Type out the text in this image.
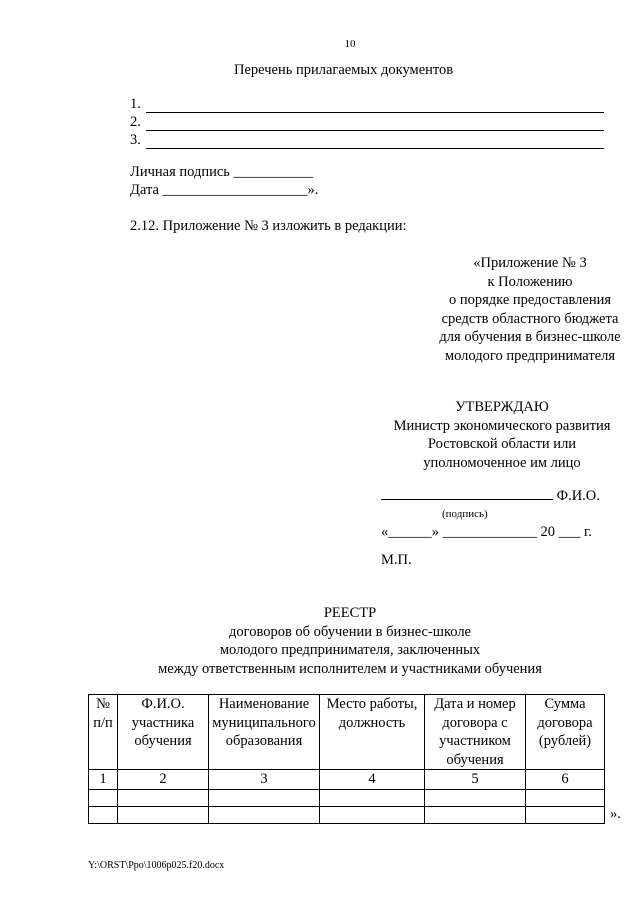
10
Перечень прилагаемых документов
1.
2.
3.
Личная подпись ___________
Дата ____________________».
2.12. Приложение № 3 изложить в редакции:
«Приложение № 3
к Положению
о порядке предоставления
средств областного бюджета
для обучения в бизнес-школе
молодого предпринимателя
УТВЕРЖДАЮ
Министр экономического развития
Ростовской области или
уполномоченное им лицо
Ф.И.О.
(подпись)
«______» _____________ 20 ___ г.
М.П.
РЕЕСТР
договоров об обучении в бизнес-школе
молодого предпринимателя, заключенных
между ответственным исполнителем и участниками обучения
№ п/п	Ф.И.О. участника обучения	Наименование муниципального образования	Место работы, должность	Дата и номер договора с участником обучения	Сумма договора (рублей)
1	2	3	4	5	6

».
Y:\ORST\Ppo\1006p025.f20.docx
